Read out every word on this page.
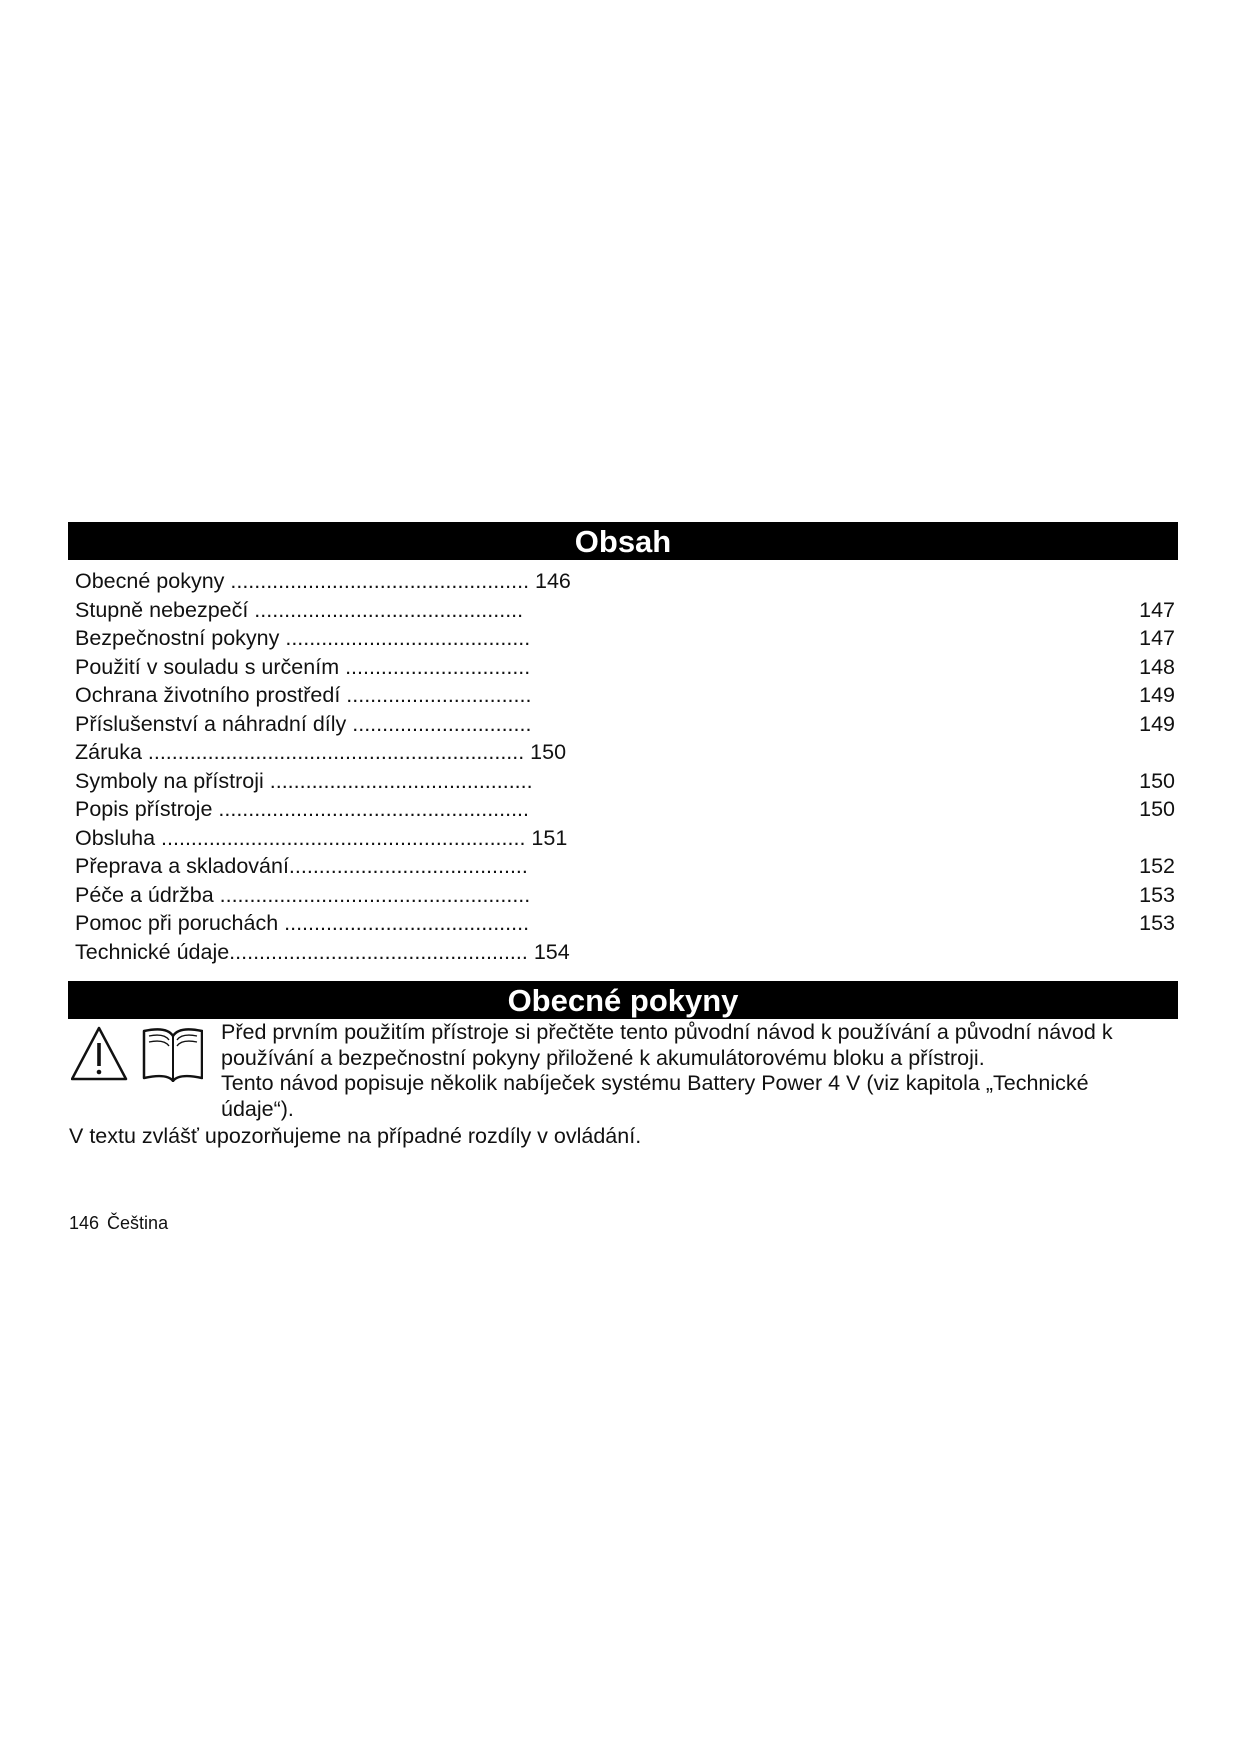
Obsah
Obecné pokyny .................................................. 146
Stupně nebezpečí .............................................	147
Bezpečnostní pokyny .........................................	147
Použití v souladu s určením ...............................	148
Ochrana životního prostředí ...............................	149
Příslušenství a náhradní díly ..............................	149
Záruka ............................................................... 150
Symboly na přístroji ............................................	150
Popis přístroje ....................................................	150
Obsluha ............................................................. 151
Přeprava a skladování........................................	152
Péče a údržba ....................................................	153
Pomoc při poruchách .........................................	153
Technické údaje.................................................. 154
Obecné pokyny
Před prvním použitím přístroje si přečtěte tento původní návod k používání a původní návod k
používání a bezpečnostní pokyny přiložené k akumulátorovému bloku a přístroji.
Tento návod popisuje několik nabíječek systému Battery Power 4 V (viz kapitola „Technické
údaje“).
V textu zvlášť upozorňujeme na případné rozdíly v ovládání.
146 Čeština
